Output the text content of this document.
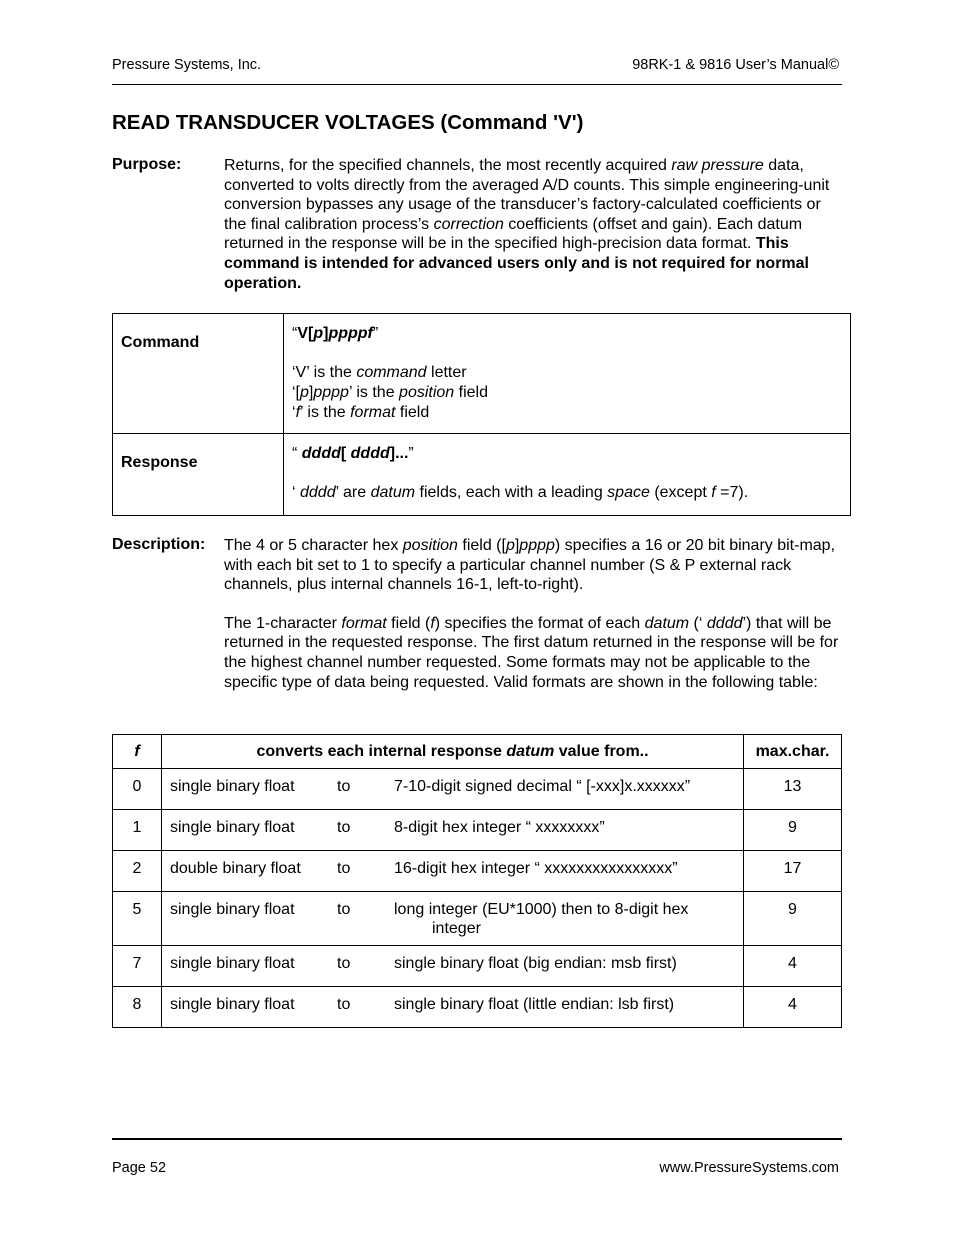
Pressure Systems, Inc.	98RK-1 & 9816 User’s Manual©
READ TRANSDUCER VOLTAGES (Command 'V')
Purpose:	Returns, for the specified channels, the most recently acquired raw pressure data, converted to volts directly from the averaged A/D counts. This simple engineering-unit conversion bypasses any usage of the transducer’s factory-calculated coefficients or the final calibration process’s correction coefficients (offset and gain). Each datum returned in the response will be in the specified high-precision data format. This command is intended for advanced users only and is not required for normal operation.

Command	“V[p]ppppf”
‘V’ is the command letter
‘[p]pppp’ is the position field
‘f’ is the format field

Response	“ dddd[ dddd]...”
‘ dddd’ are datum fields, each with a leading space (except f =7).
Description: The 4 or 5 character hex position field ([p]pppp) specifies a 16 or 20 bit binary bit-map, with each bit set to 1 to specify a particular channel number (S & P external rack channels, plus internal channels 16-1, left-to-right).

The 1-character format field (f) specifies the format of each datum (‘ dddd’) that will be returned in the requested response. The first datum returned in the response will be for the highest channel number requested. Some formats may not be applicable to the specific type of data being requested. Valid formats are shown in the following table:

f	converts each internal response datum value from..	max.char.
0	single binary float to 7-10-digit signed decimal “ [-xxx]x.xxxxxx”	13
1	single binary float to 8-digit hex integer “ xxxxxxxx”	9
2	double binary float to 16-digit hex integer “ xxxxxxxxxxxxxxxx”	17
5	single binary float to long integer (EU*1000) then to 8-digit hex
integer	9
7	single binary float to single binary float (big endian: msb first)	4
8	single binary float to single binary float (little endian: lsb first)	4
Page 52	www.PressureSystems.com
